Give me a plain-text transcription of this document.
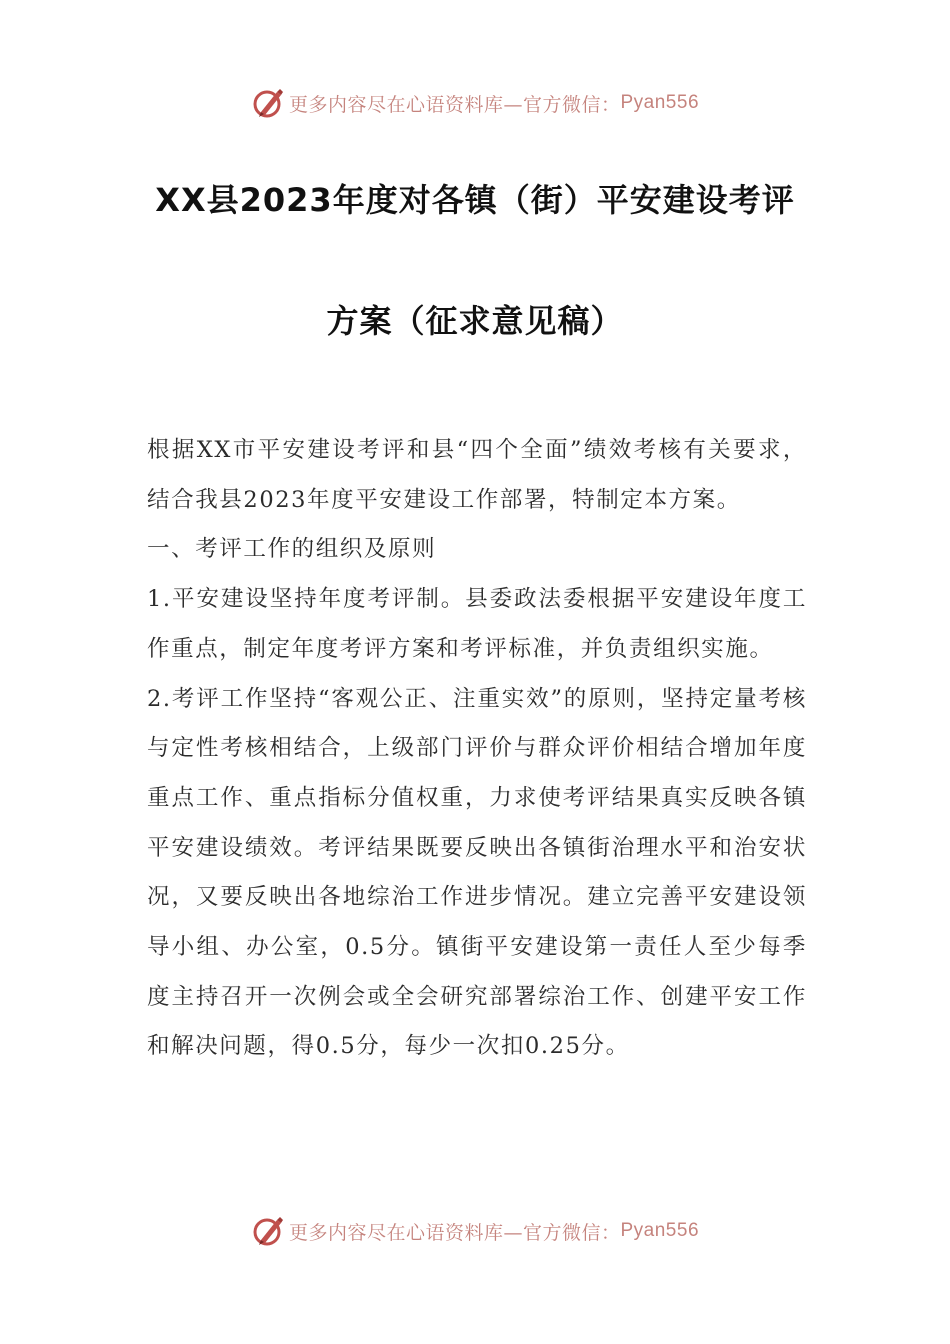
更多内容尽在心语资料库—官方微信： Pyan556
XX县2023年度对各镇（街）平安建设考评
方案（征求意见稿）

根据XX市平安建设考评和县“四个全面”绩效考核有关要求，结合我县2023年度平安建设工作部署，特制定本方案。

一、考评工作的组织及原则

1.平安建设坚持年度考评制。县委政法委根据平安建设年度工作重点，制定年度考评方案和考评标准，并负责组织实施。

2.考评工作坚持“客观公正、注重实效”的原则，坚持定量考核与定性考核相结合，上级部门评价与群众评价相结合增加年度重点工作、重点指标分值权重，力求使考评结果真实反映各镇平安建设绩效。考评结果既要反映出各镇街治理水平和治安状况，又要反映出各地综治工作进步情况。建立完善平安建设领导小组、办公室，0.5分。镇街平安建设第一责任人至少每季度主持召开一次例会或全会研究部署综治工作、创建平安工作和解决问题，得0.5分，每少一次扣0.25分。

更多内容尽在心语资料库—官方微信： Pyan556
